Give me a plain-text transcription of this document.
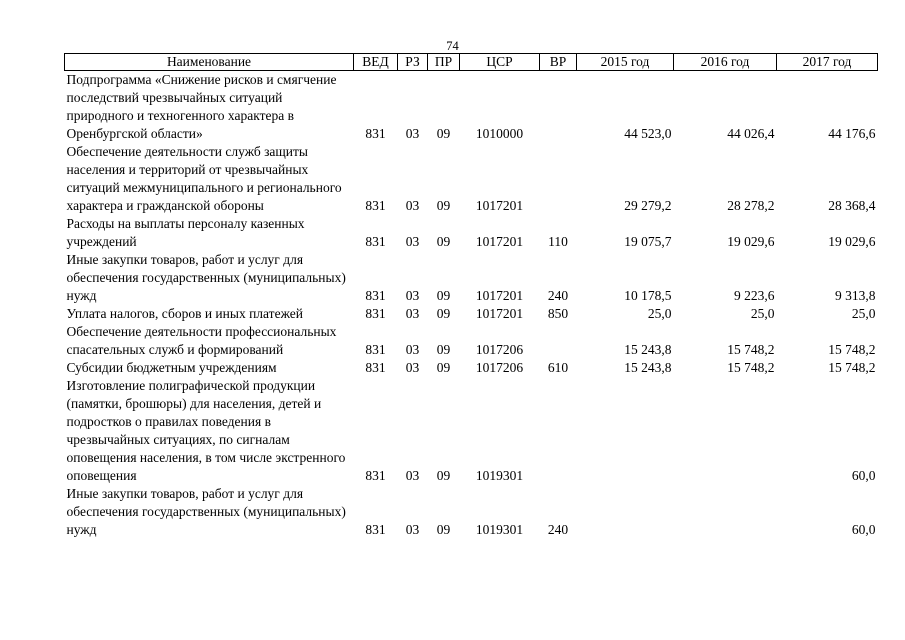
74
Наименование	ВЕД	РЗ	ПР	ЦСР	ВР	2015 год	2016 год	2017 год
Подпрограмма «Снижение рисков и смягчение последствий чрезвычайных ситуаций природного и техногенного характера в Оренбургской области»	831	03	09	1010000		44 523,0	44 026,4	44 176,6
Обеспечение деятельности служб защиты населения и территорий от чрезвычайных ситуаций межмуниципального и регионального характера и гражданской обороны	831	03	09	1017201		29 279,2	28 278,2	28 368,4
Расходы на выплаты персоналу казенных учреждений	831	03	09	1017201	110	19 075,7	19 029,6	19 029,6
Иные закупки товаров, работ и услуг для обеспечения государственных (муниципальных) нужд	831	03	09	1017201	240	10 178,5	9 223,6	9 313,8
Уплата налогов, сборов и иных платежей	831	03	09	1017201	850	25,0	25,0	25,0
Обеспечение деятельности профессиональных спасательных служб и формирований	831	03	09	1017206		15 243,8	15 748,2	15 748,2
Субсидии бюджетным учреждениям	831	03	09	1017206	610	15 243,8	15 748,2	15 748,2
Изготовление полиграфической продукции (памятки, брошюры) для населения, детей и подростков о правилах поведения в чрезвычайных ситуациях, по сигналам оповещения населения, в том числе экстренного оповещения	831	03	09	1019301				60,0
Иные закупки товаров, работ и услуг для обеспечения государственных (муниципальных) нужд	831	03	09	1019301	240			60,0
